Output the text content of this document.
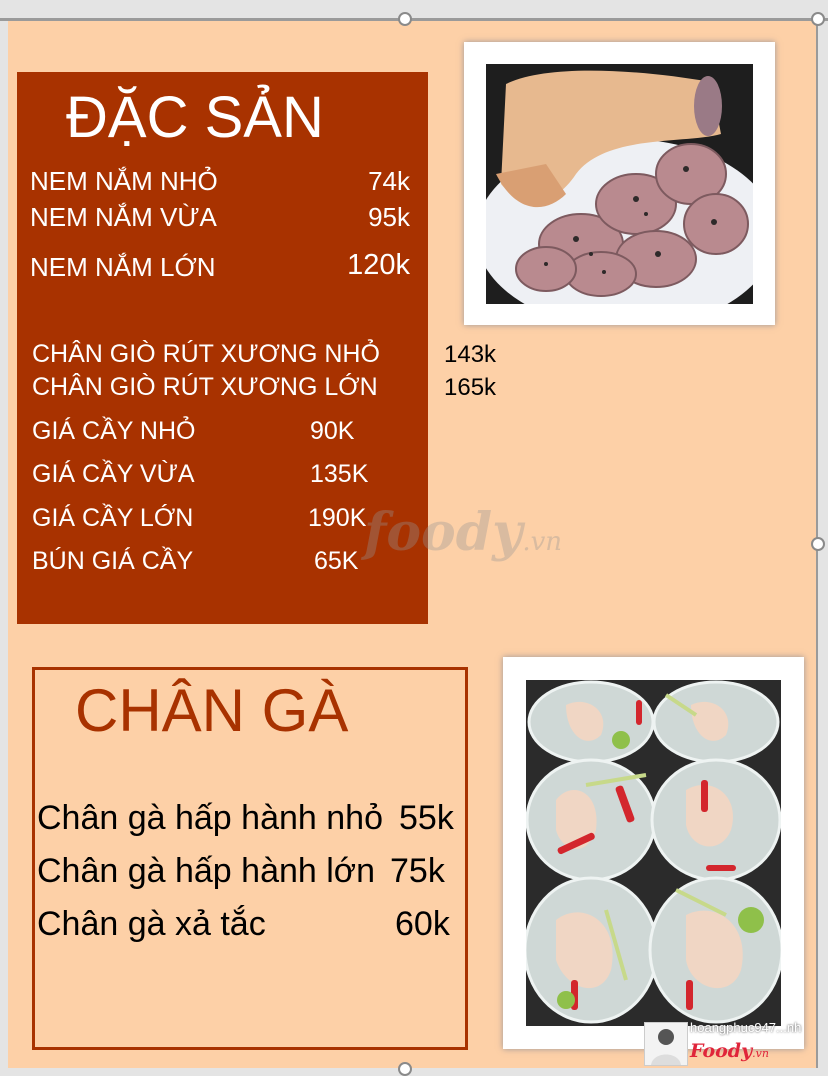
ĐẶC SẢN
NEM NẮM NHỎ	74k
NEM NẮM VỪA	95k
NEM NẮM LỚN	120k
CHÂN GIÒ RÚT XƯƠNG NHỎ	143k
CHÂN GIÒ RÚT XƯƠNG LỚN	165k
GIÁ CẦY NHỎ	90K
GIÁ CẦY VỪA	135K
GIÁ CẦY LỚN	190K
BÚN GIÁ CẦY	65K foody.vn
CHÂN GÀ
Chân gà hấp hành nhỏ 55k
Chân gà hấp hành lớn 75k
Chân gà xả tắc	60k
hoangphuc947...nh
Foody.vn
